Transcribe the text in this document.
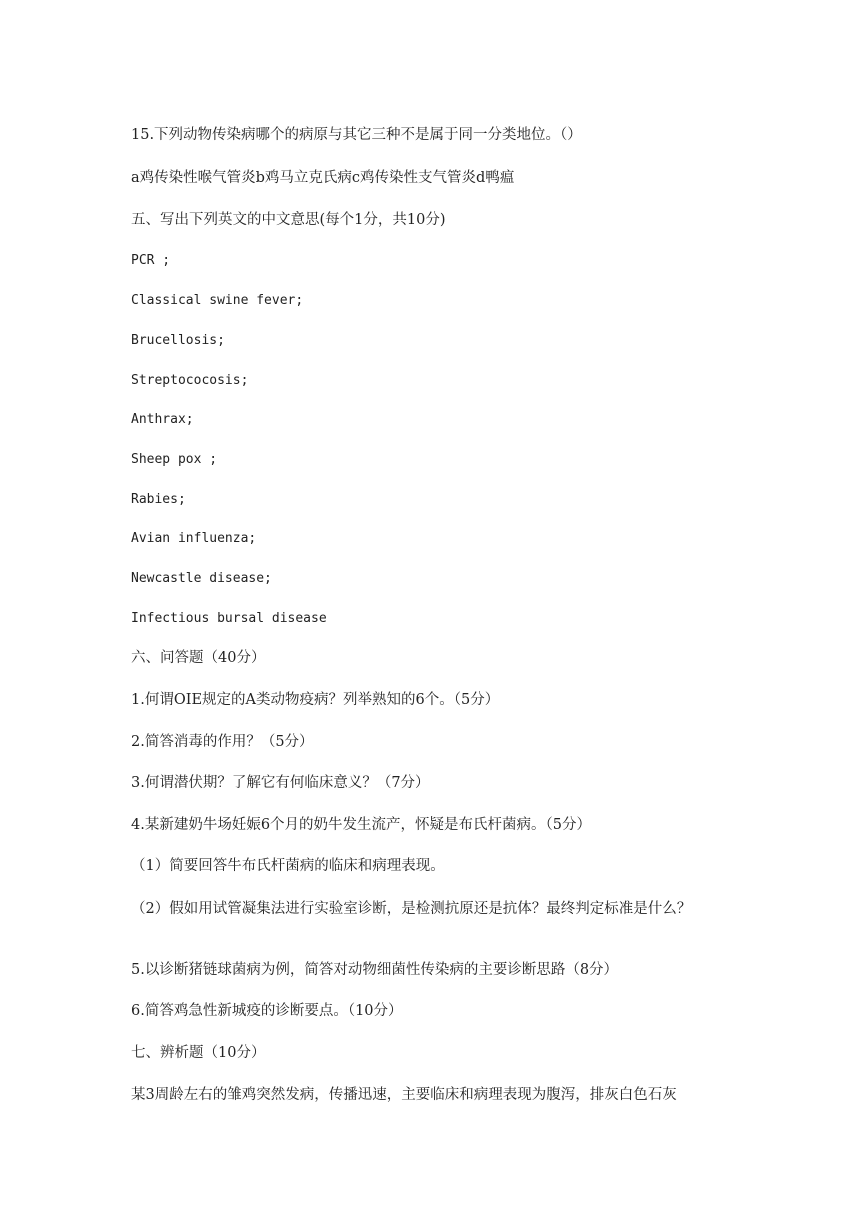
15.下列动物传染病哪个的病原与其它三种不是属于同一分类地位。（）
a鸡传染性喉气管炎b鸡马立克氏病c鸡传染性支气管炎d鸭瘟
五、写出下列英文的中文意思(每个1分，共10分)
PCR ;
Classical swine fever;
Brucellosis;
Streptococosis;
Anthrax;
Sheep pox ;
Rabies;
Avian influenza;
Newcastle disease;
Infectious bursal disease
六、问答题（40分）
1.何谓OIE规定的A类动物疫病？列举熟知的6个。（5分）
2.简答消毒的作用？（5分）
3.何谓潜伏期？了解它有何临床意义？（7分）
4.某新建奶牛场妊娠6个月的奶牛发生流产，怀疑是布氏杆菌病。（5分）
（1）简要回答牛布氏杆菌病的临床和病理表现。
（2）假如用试管凝集法进行实验室诊断，是检测抗原还是抗体？最终判定标准是什么？
5.以诊断猪链球菌病为例，简答对动物细菌性传染病的主要诊断思路（8分）
6.简答鸡急性新城疫的诊断要点。（10分）
七、辨析题（10分）
某3周龄左右的雏鸡突然发病，传播迅速，主要临床和病理表现为腹泻，排灰白色石灰
